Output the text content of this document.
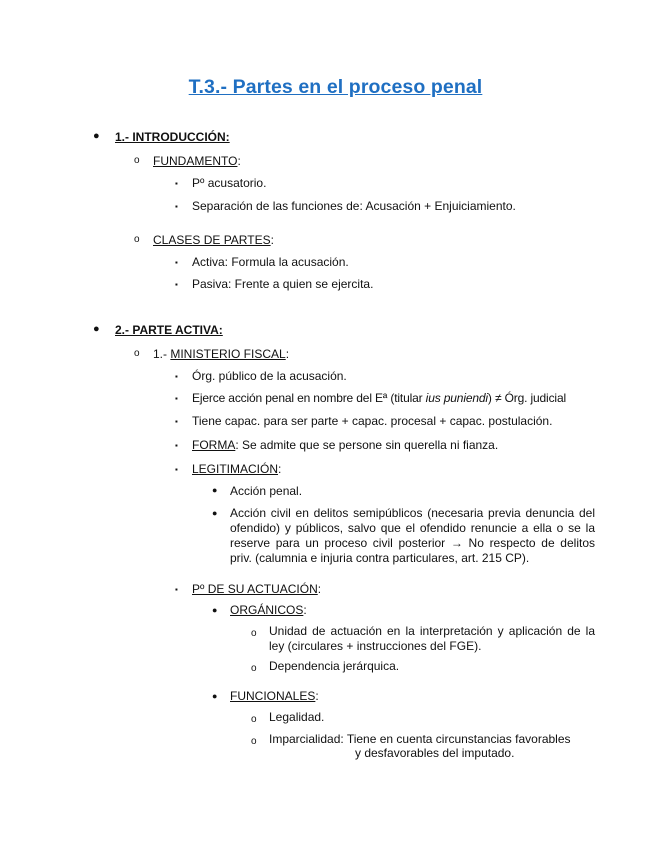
T.3.- Partes en el proceso penal
● 1.- INTRODUCCIÓN:
o FUNDAMENTO:
▪ Pº acusatorio.
▪ Separación de las funciones de: Acusación + Enjuiciamiento.
o CLASES DE PARTES:
▪ Activa: Formula la acusación.
▪ Pasiva: Frente a quien se ejercita.
● 2.- PARTE ACTIVA:
o 1.- MINISTERIO FISCAL:
▪ Órg. público de la acusación.
▪ Ejerce acción penal en nombre del Eª (titular ius puniendi) ≠ Órg. judicial
▪ Tiene capac. para ser parte + capac. procesal + capac. postulación.
▪ FORMA: Se admite que se persone sin querella ni fianza.
▪ LEGITIMACIÓN:
● Acción penal.
● Acción civil en delitos semipúblicos (necesaria previa denuncia del ofendido) y públicos, salvo que el ofendido renuncie a ella o se la reserve para un proceso civil posterior → No respecto de delitos priv. (calumnia e injuria contra particulares, art. 215 CP).
▪ Pº DE SU ACTUACIÓN:
● ORGÁNICOS:
o Unidad de actuación en la interpretación y aplicación de la ley (circulares + instrucciones del FGE).
o Dependencia jerárquica.
● FUNCIONALES:
o Legalidad.
o Imparcialidad: Tiene en cuenta circunstancias favorables
y desfavorables del imputado.
